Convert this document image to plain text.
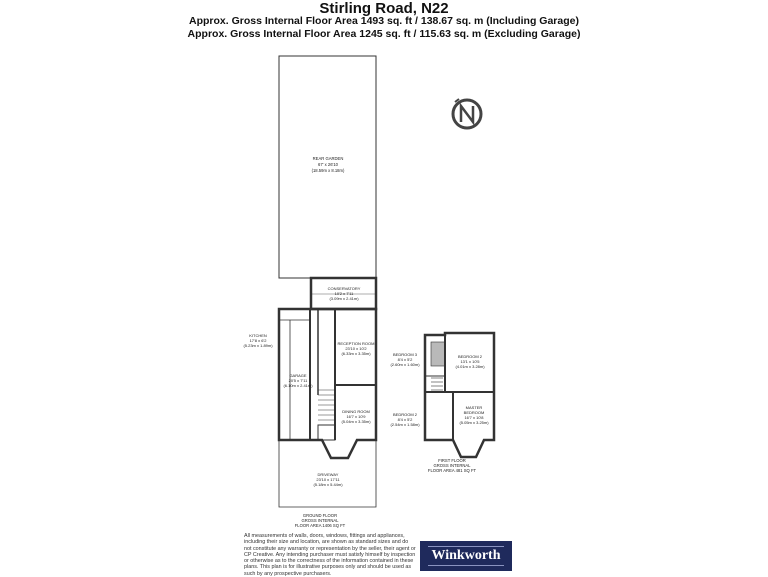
Stirling Road, N22
Approx. Gross Internal Floor Area 1493 sq. ft / 138.67 sq. m (Including Garage)
Approx. Gross Internal Floor Area 1245 sq. ft / 115.63 sq. m (Excluding Garage)
REAR GARDEN
67' x 26'10
(18.59m x 8.18m)
CONSERVATORY
10'2 x 7'11
(3.09m x 2.41m)
KITCHEN
17'8 x 6'2
(5.23m x 1.89m)	RECEPTION ROOM
23'10 x 10'2
(6.33m x 3.35m)
GARAGE
20'5 x 7'11
(6.10m x 2.41m)
DINING ROOM
16'7 x 10'9
(5.04m x 3.35m)
DRIVEWAY
23'10 x 17'11
(5.18m x 5.44m)
GROUND FLOOR
GROSS INTERNAL
FLOOR AREA 1406 SQ FT
BEDROOM 3
8'4 x 5'2
(2.60m x 1.60m)
BEDROOM 2
13'1 x 10'5
(4.01m x 3.28m)
BEDROOM 2
8'4 x 5'2
(2.54m x 1.58m)
MASTER
BEDROOM
16'7 x 10'8
(5.05m x 3.25m)
FIRST FLOOR
GROSS INTERNAL
FLOOR AREA 481 SQ FT
All measurements of walls, doors, windows, fittings and appliances, including their size and location, are shown as standard sizes and do not constitute any warranty or representation by the seller, their agent or CP Creative. Any intending purchaser must satisfy himself by inspection or otherwise as to the correctness of the information contained in these plans. This plan is for illustrative purposes only and should be used as such by any prospective purchasers.
Winkworth
